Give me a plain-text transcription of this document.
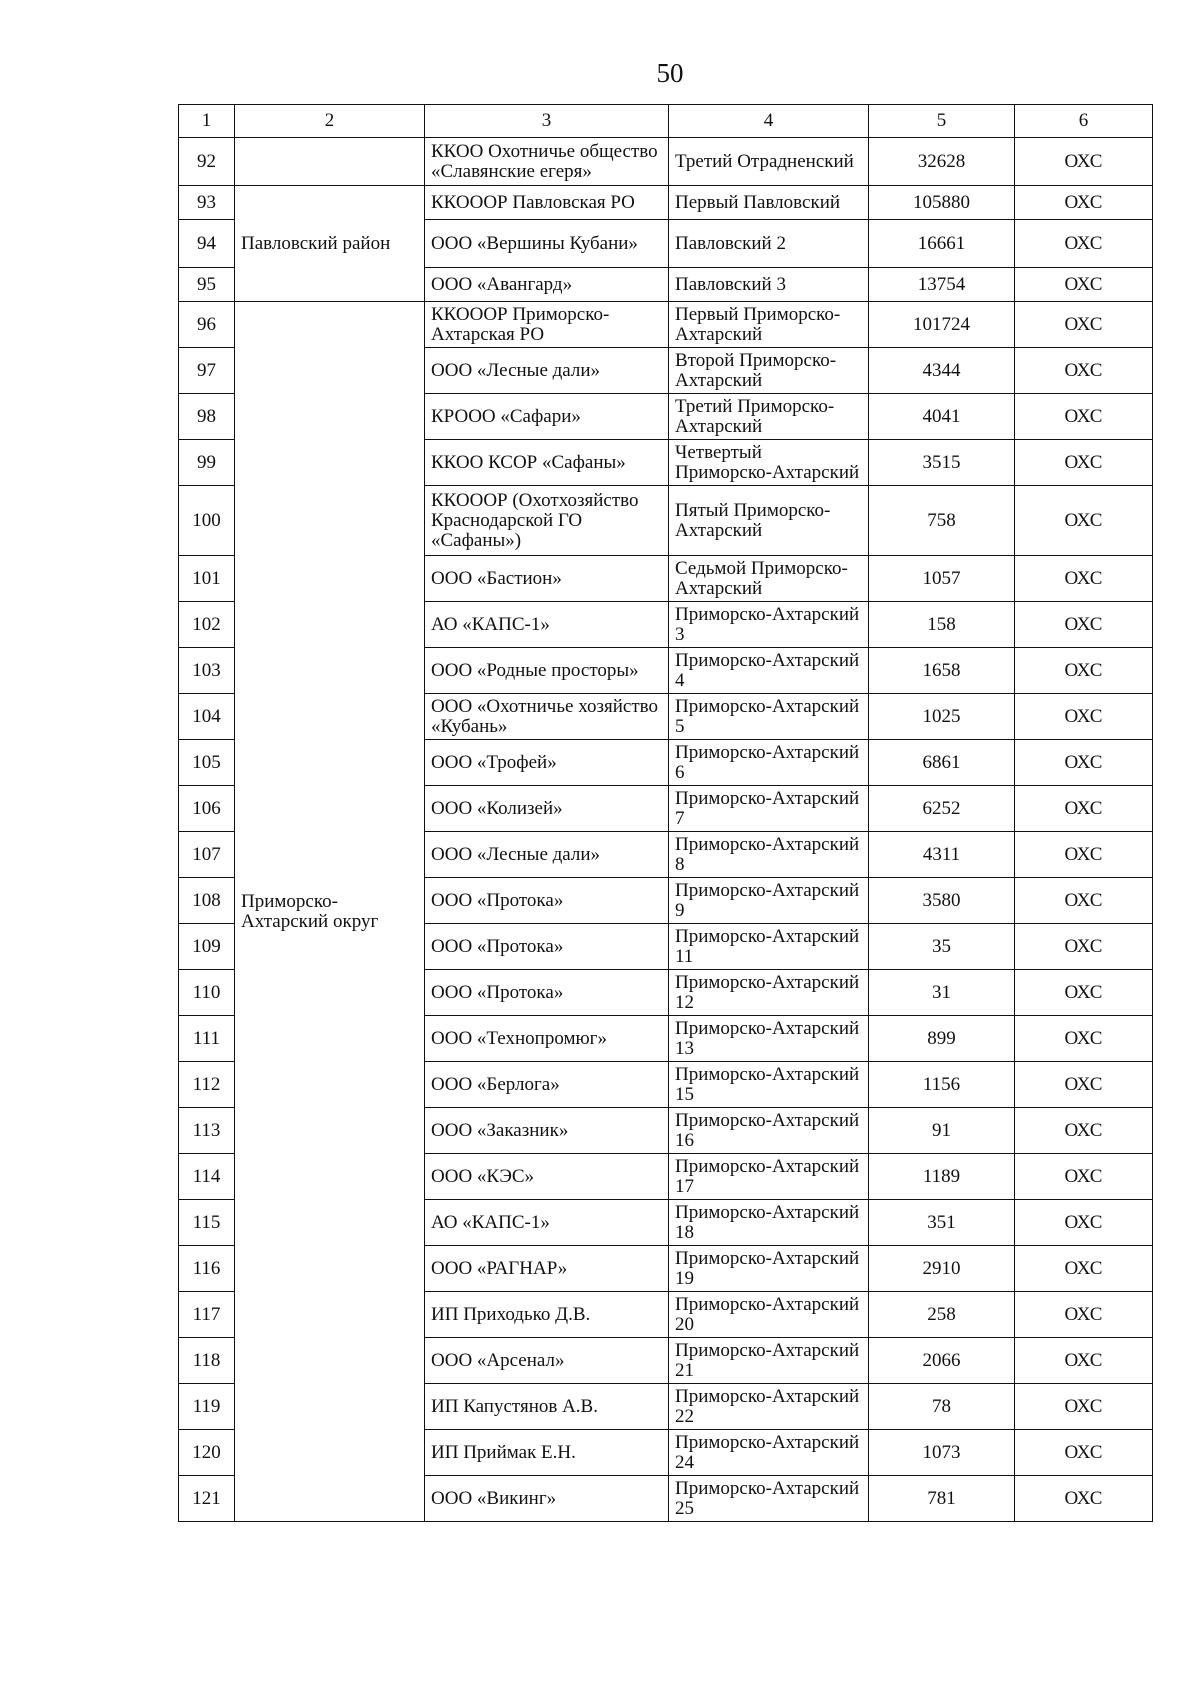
50
1	2	3	4	5	6
92		ККОО Охотничье общество «Славянские егеря»	Третий Отрадненский	32628	ОХС
93	Павловский район	ККОООР Павловская РО	Первый Павловский	105880	ОХС
94		ООО «Вершины Кубани»	Павловский 2	16661	ОХС
95		ООО «Авангард»	Павловский 3	13754	ОХС
96	Приморско-Ахтарский округ	ККОООР Приморско-Ахтарская РО	Первый Приморско-Ахтарский	101724	ОХС
97		ООО «Лесные дали»	Второй Приморско-Ахтарский	4344	ОХС
98		КРООО «Сафари»	Третий Приморско-Ахтарский	4041	ОХС
99		ККОО КСОР «Сафаны»	Четвертый Приморско-Ахтарский	3515	ОХС
100		ККОООР (Охотхозяйство Краснодарской ГО «Сафаны»)	Пятый Приморско-Ахтарский	758	ОХС
101		ООО «Бастион»	Седьмой Приморско-Ахтарский	1057	ОХС
102		АО «КАПС-1»	Приморско-Ахтарский 3	158	ОХС
103		ООО «Родные просторы»	Приморско-Ахтарский 4	1658	ОХС
104		ООО «Охотничье хозяйство «Кубань»	Приморско-Ахтарский 5	1025	ОХС
105		ООО «Трофей»	Приморско-Ахтарский 6	6861	ОХС
106		ООО «Колизей»	Приморско-Ахтарский 7	6252	ОХС
107		ООО «Лесные дали»	Приморско-Ахтарский 8	4311	ОХС
108		ООО «Протока»	Приморско-Ахтарский 9	3580	ОХС
109		ООО «Протока»	Приморско-Ахтарский 11	35	ОХС
110		ООО «Протока»	Приморско-Ахтарский 12	31	ОХС
111		ООО «Технопромюг»	Приморско-Ахтарский 13	899	ОХС
112		ООО «Берлога»	Приморско-Ахтарский 15	1156	ОХС
113		ООО «Заказник»	Приморско-Ахтарский 16	91	ОХС
114		ООО «КЭС»	Приморско-Ахтарский 17	1189	ОХС
115		АО «КАПС-1»	Приморско-Ахтарский 18	351	ОХС
116		ООО «РАГНАР»	Приморско-Ахтарский 19	2910	ОХС
117		ИП Приходько Д.В.	Приморско-Ахтарский 20	258	ОХС
118		ООО «Арсенал»	Приморско-Ахтарский 21	2066	ОХС
119		ИП Капустянов А.В.	Приморско-Ахтарский 22	78	ОХС
120		ИП Приймак Е.Н.	Приморско-Ахтарский 24	1073	ОХС
121		ООО «Викинг»	Приморско-Ахтарский 25	781	ОХС
